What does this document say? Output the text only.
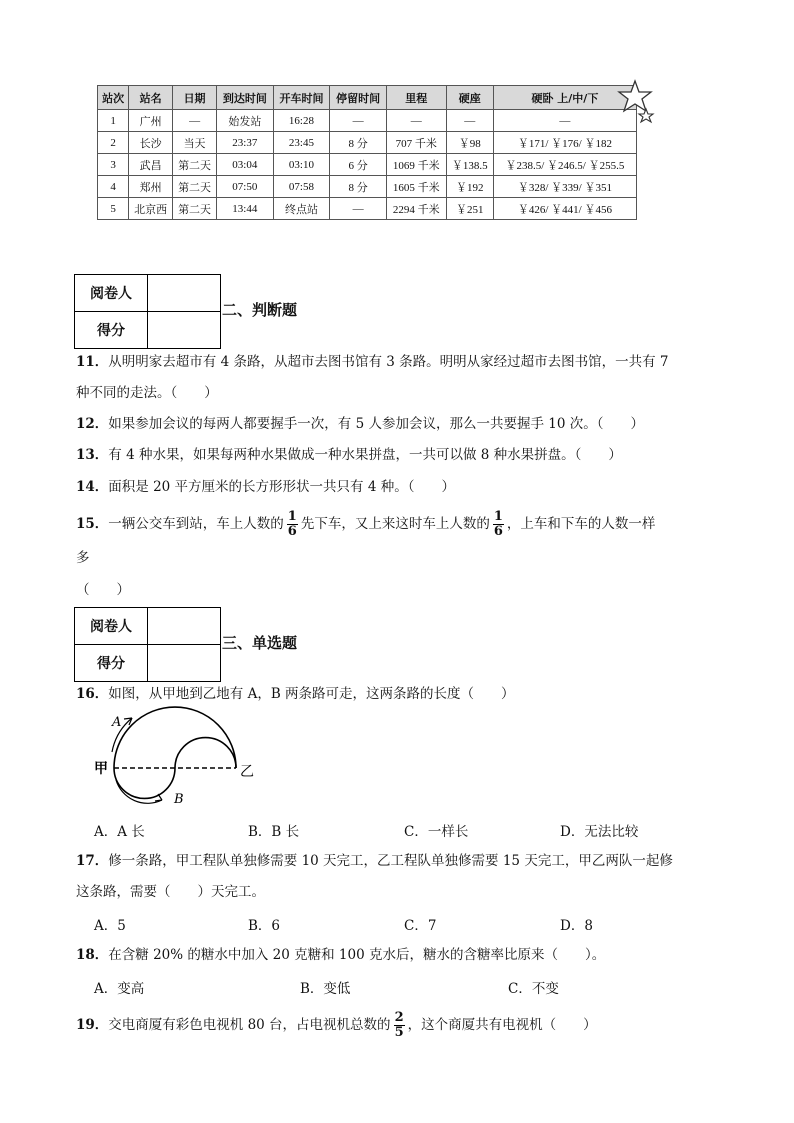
站次	站名	日期	到达时间	开车时间	停留时间	里程	硬座	硬卧 上/中/下
1	广州	—	始发站	16:28	—	—	—	—
2	长沙	当天	23:37	23:45	8 分	707 千米	￥98	￥171/ ￥176/ ￥182
3	武昌	第二天	03:04	03:10	6 分	1069 千米	￥138.5	￥238.5/ ￥246.5/ ￥255.5
4	郑州	第二天	07:50	07:58	8 分	1605 千米	￥192	￥328/ ￥339/ ￥351
5	北京西	第二天	13:44	终点站	—	2294 千米	￥251	￥426/ ￥441/ ￥456
阅卷人	
得分	
二、判断题
11．从明明家去超市有 4 条路，从超市去图书馆有 3 条路。明明从家经过超市去图书馆，一共有 7
种不同的走法。（　　）
12．如果参加会议的每两人都要握手一次，有 5 人参加会议，那么一共要握手 10 次。（　　）
13．有 4 种水果，如果每两种水果做成一种水果拼盘，一共可以做 8 种水果拼盘。（　　）
14．面积是 20 平方厘米的长方形形状一共只有 4 种。（　　）
15．一辆公交车到站，车上人数的 $\frac{1}{6}$ 先下车，又上来这时车上人数的 $\frac{1}{6}$ ，上车和下车的人数一样
多
（　　）
阅卷人	
得分	
三、单选题
16．如图，从甲地到乙地有 A，B 两条路可走，这两条路的长度（　　）
甲	乙
A
B
A．A 长	B．B 长	C．一样长	D．无法比较
17．修一条路，甲工程队单独修需要 10 天完工，乙工程队单独修需要 15 天完工，甲乙两队一起修
这条路，需要（　　）天完工。
A．5	B．6	C．7	D．8
18．在含糖 20% 的糖水中加入 20 克糖和 100 克水后，糖水的含糖率比原来（　　）。
A．变高	B．变低	C．不变
19．交电商厦有彩色电视机 80 台，占电视机总数的 $\frac{2}{5}$ ，这个商厦共有电视机（　　）
